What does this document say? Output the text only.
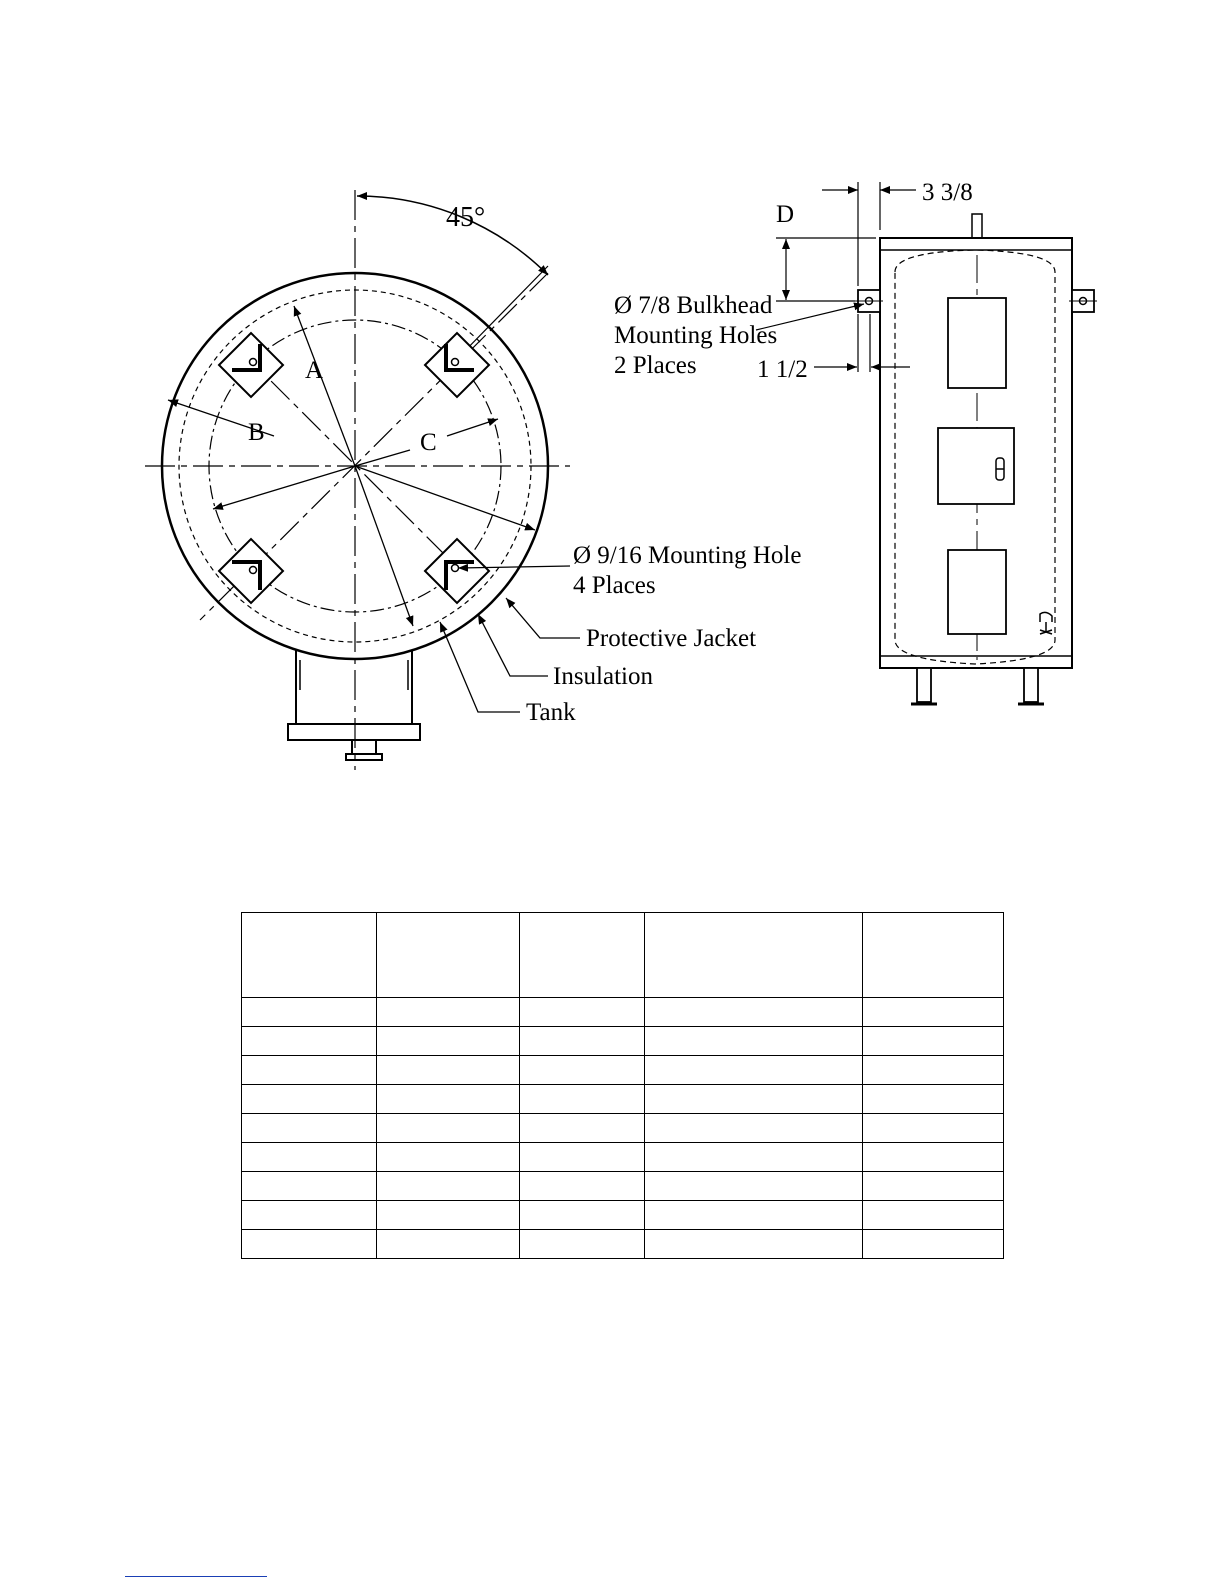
45°
A
B	C
Ø 9/16 Mounting Hole
4 Places
Protective Jacket
Insulation
Tank
3 3/8
D
Ø 7/8 Bulkhead
Mounting Holes
2 Places 1 1/2
